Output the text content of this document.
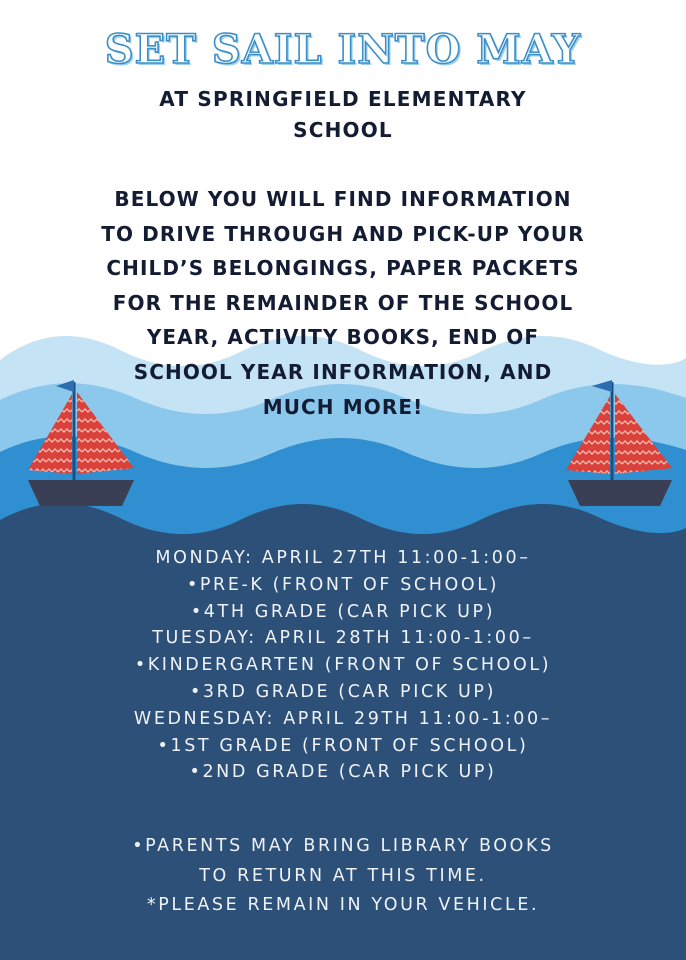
SET SAIL INTO MAY

AT SPRINGFIELD ELEMENTARY SCHOOL

BELOW YOU WILL FIND INFORMATION TO DRIVE THROUGH AND PICK-UP YOUR CHILD’S BELONGINGS, PAPER PACKETS FOR THE REMAINDER OF THE SCHOOL YEAR, ACTIVITY BOOKS, END OF SCHOOL YEAR INFORMATION, AND MUCH MORE!

MONDAY: APRIL 27TH 11:00-1:00–
•PRE-K (FRONT OF SCHOOL)
•4TH GRADE (CAR PICK UP)
TUESDAY: APRIL 28TH 11:00-1:00–
•KINDERGARTEN (FRONT OF SCHOOL)
•3RD GRADE (CAR PICK UP)
WEDNESDAY: APRIL 29TH 11:00-1:00–
•1ST GRADE (FRONT OF SCHOOL)
•2ND GRADE (CAR PICK UP)
•PARENTS MAY BRING LIBRARY BOOKS
TO RETURN AT THIS TIME.
*PLEASE REMAIN IN YOUR VEHICLE.
